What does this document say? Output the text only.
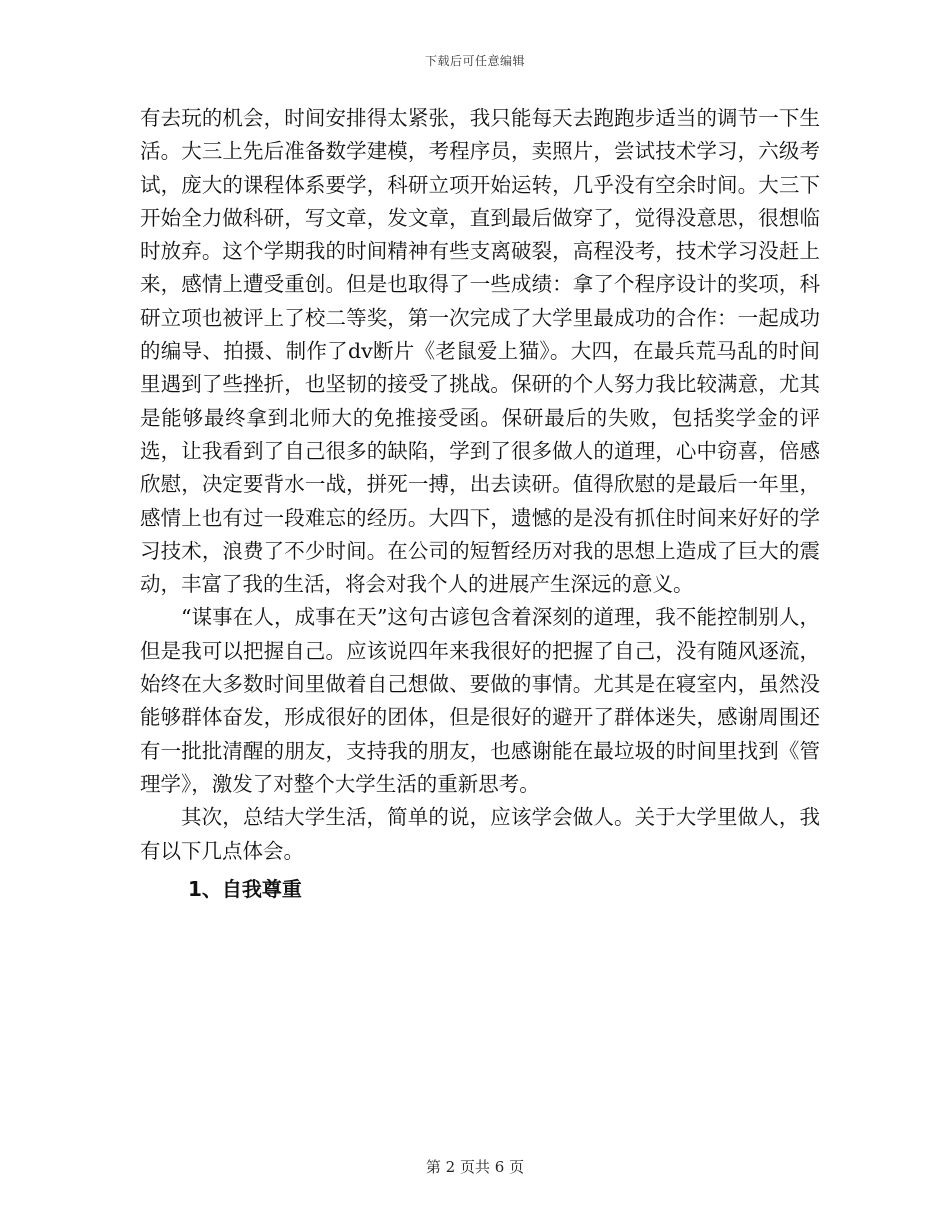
下载后可任意编辑

有去玩的机会，时间安排得太紧张，我只能每天去跑跑步适当的调节一下生活。大三上先后准备数学建模，考程序员，卖照片，尝试技术学习，六级考试，庞大的课程体系要学，科研立项开始运转，几乎没有空余时间。大三下开始全力做科研，写文章，发文章，直到最后做穿了，觉得没意思，很想临时放弃。这个学期我的时间精神有些支离破裂，高程没考，技术学习没赶上来，感情上遭受重创。但是也取得了一些成绩：拿了个程序设计的奖项，科研立项也被评上了校二等奖，第一次完成了大学里最成功的合作：一起成功的编导、拍摄、制作了dv断片《老鼠爱上猫》。大四，在最兵荒马乱的时间里遇到了些挫折，也坚韧的接受了挑战。保研的个人努力我比较满意，尤其是能够最终拿到北师大的免推接受函。保研最后的失败，包括奖学金的评选，让我看到了自己很多的缺陷，学到了很多做人的道理，心中窃喜，倍感欣慰，决定要背水一战，拼死一搏，出去读研。值得欣慰的是最后一年里，感情上也有过一段难忘的经历。大四下，遗憾的是没有抓住时间来好好的学习技术，浪费了不少时间。在公司的短暂经历对我的思想上造成了巨大的震动，丰富了我的生活，将会对我个人的进展产生深远的意义。

“谋事在人，成事在天”这句古谚包含着深刻的道理，我不能控制别人，但是我可以把握自己。应该说四年来我很好的把握了自己，没有随风逐流，始终在大多数时间里做着自己想做、要做的事情。尤其是在寝室内，虽然没能够群体奋发，形成很好的团体，但是很好的避开了群体迷失，感谢周围还有一批批清醒的朋友，支持我的朋友，也感谢能在最垃圾的时间里找到《管理学》，激发了对整个大学生活的重新思考。

其次，总结大学生活，简单的说，应该学会做人。关于大学里做人，我有以下几点体会。

1、自我尊重
第 2 页共 6 页
